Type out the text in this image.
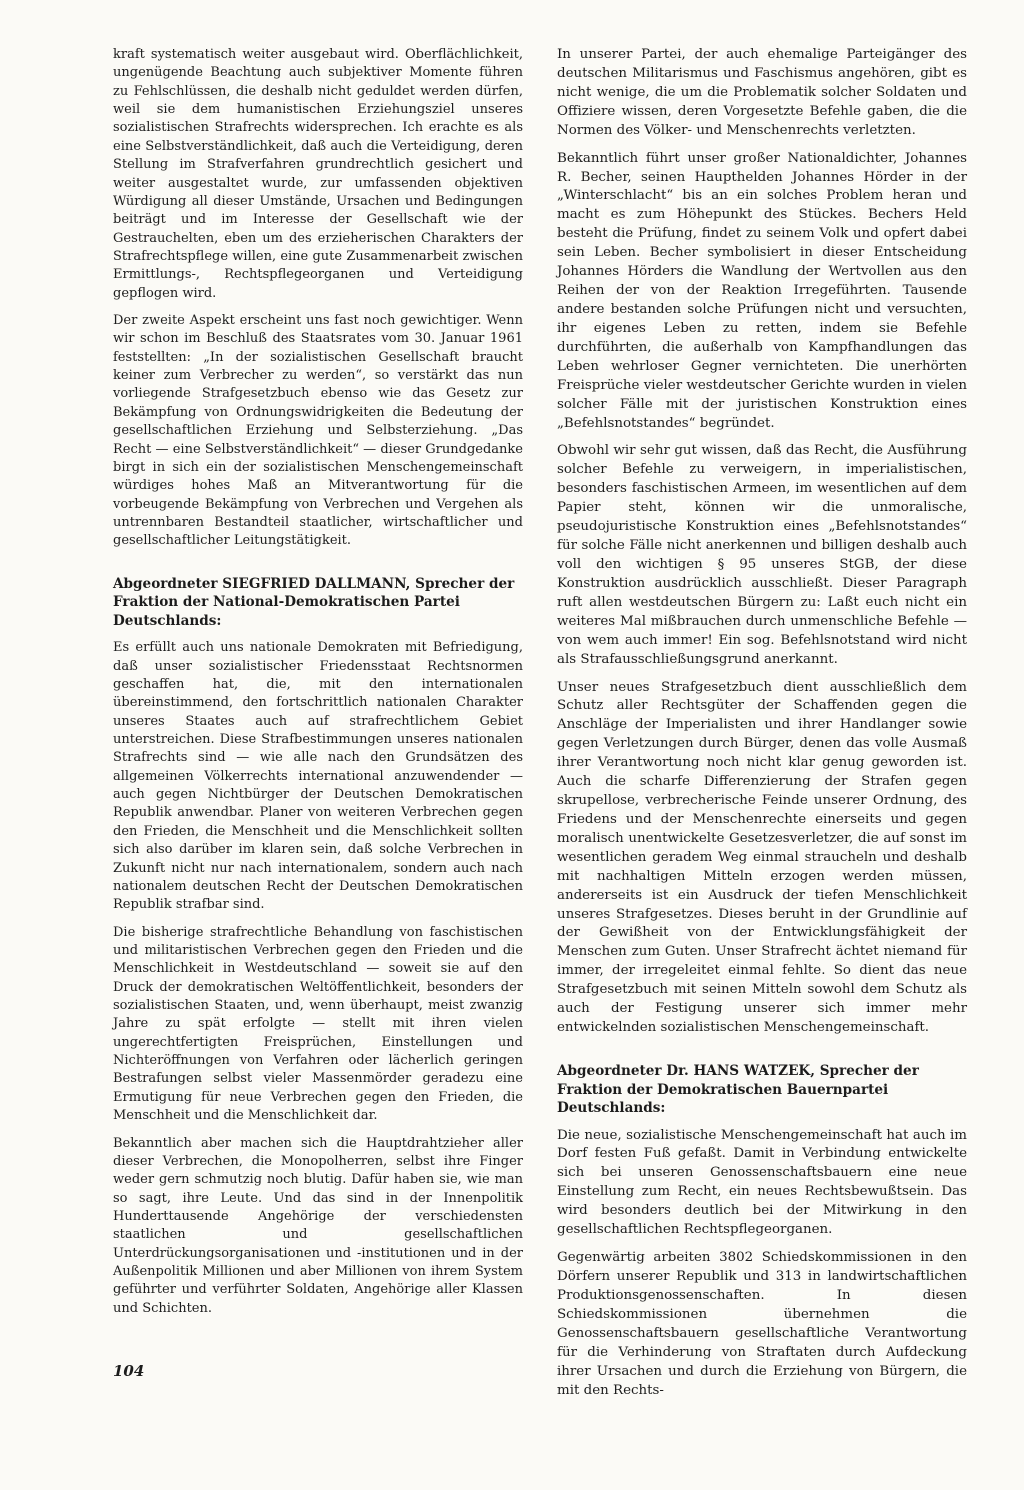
kraft systematisch weiter ausgebaut wird. Oberflächlichkeit, ungenügende Beachtung auch subjektiver Momente führen zu Fehlschlüssen, die deshalb nicht geduldet werden dürfen, weil sie dem humanistischen Erziehungsziel unseres sozialistischen Strafrechts widersprechen. Ich erachte es als eine Selbstverständlichkeit, daß auch die Verteidigung, deren Stellung im Strafverfahren grundrechtlich gesichert und weiter ausgestaltet wurde, zur umfassenden objektiven Würdigung all dieser Umstände, Ursachen und Bedingungen beiträgt und im Interesse der Gesellschaft wie der Gestrauchelten, eben um des erzieherischen Charakters der Strafrechtspflege willen, eine gute Zusammenarbeit zwischen Ermittlungs-, Rechtspflegeorganen und Verteidigung gepflogen wird.

Der zweite Aspekt erscheint uns fast noch gewichtiger. Wenn wir schon im Beschluß des Staatsrates vom 30. Januar 1961 feststellten: „In der sozialistischen Gesellschaft braucht keiner zum Verbrecher zu werden“, so verstärkt das nun vorliegende Strafgesetzbuch ebenso wie das Gesetz zur Bekämpfung von Ordnungswidrigkeiten die Bedeutung der gesellschaftlichen Erziehung und Selbsterziehung. „Das Recht — eine Selbstverständlichkeit“ — dieser Grundgedanke birgt in sich ein der sozialistischen Menschengemeinschaft würdiges hohes Maß an Mitverantwortung für die vorbeugende Bekämpfung von Verbrechen und Vergehen als untrennbaren Bestandteil staatlicher, wirtschaftlicher und gesellschaftlicher Leitungstätigkeit.

Abgeordneter SIEGFRIED DALLMANN, Sprecher der Fraktion der National-Demokratischen Partei Deutschlands:

Es erfüllt auch uns nationale Demokraten mit Befriedigung, daß unser sozialistischer Friedensstaat Rechtsnormen geschaffen hat, die, mit den internationalen übereinstimmend, den fortschrittlich nationalen Charakter unseres Staates auch auf strafrechtlichem Gebiet unterstreichen. Diese Strafbestimmungen unseres nationalen Strafrechts sind — wie alle nach den Grundsätzen des allgemeinen Völkerrechts international anzuwendender — auch gegen Nichtbürger der Deutschen Demokratischen Republik anwendbar. Planer von weiteren Verbrechen gegen den Frieden, die Menschheit und die Menschlichkeit sollten sich also darüber im klaren sein, daß solche Verbrechen in Zukunft nicht nur nach internationalem, sondern auch nach nationalem deutschen Recht der Deutschen Demokratischen Republik strafbar sind.

Die bisherige strafrechtliche Behandlung von faschistischen und militaristischen Verbrechen gegen den Frieden und die Menschlichkeit in Westdeutschland — soweit sie auf den Druck der demokratischen Weltöffentlichkeit, besonders der sozialistischen Staaten, und, wenn überhaupt, meist zwanzig Jahre zu spät erfolgte — stellt mit ihren vielen ungerechtfertigten Freisprüchen, Einstellungen und Nichteröffnungen von Verfahren oder lächerlich geringen Bestrafungen selbst vieler Massenmörder geradezu eine Ermutigung für neue Verbrechen gegen den Frieden, die Menschheit und die Menschlichkeit dar.

Bekanntlich aber machen sich die Hauptdrahtzieher aller dieser Verbrechen, die Monopolherren, selbst ihre Finger weder gern schmutzig noch blutig. Dafür haben sie, wie man so sagt, ihre Leute. Und das sind in der Innenpolitik Hunderttausende Angehörige der verschiedensten staatlichen und gesellschaftlichen Unterdrückungsorganisationen und -institutionen und in der Außenpolitik Millionen und aber Millionen von ihrem System geführter und verführter Soldaten, Angehörige aller Klassen und Schichten.

In unserer Partei, der auch ehemalige Parteigänger des deutschen Militarismus und Faschismus angehören, gibt es nicht wenige, die um die Problematik solcher Soldaten und Offiziere wissen, deren Vorgesetzte Befehle gaben, die die Normen des Völker- und Menschenrechts verletzten.

Bekanntlich führt unser großer Nationaldichter, Johannes R. Becher, seinen Haupthelden Johannes Hörder in der „Winterschlacht“ bis an ein solches Problem heran und macht es zum Höhepunkt des Stückes. Bechers Held besteht die Prüfung, findet zu seinem Volk und opfert dabei sein Leben. Becher symbolisiert in dieser Entscheidung Johannes Hörders die Wandlung der Wertvollen aus den Reihen der von der Reaktion Irregeführten. Tausende andere bestanden solche Prüfungen nicht und versuchten, ihr eigenes Leben zu retten, indem sie Befehle durchführten, die außerhalb von Kampfhandlungen das Leben wehrloser Gegner vernichteten. Die unerhörten Freisprüche vieler westdeutscher Gerichte wurden in vielen solcher Fälle mit der juristischen Konstruktion eines „Befehlsnotstandes“ begründet.

Obwohl wir sehr gut wissen, daß das Recht, die Ausführung solcher Befehle zu verweigern, in imperialistischen, besonders faschistischen Armeen, im wesentlichen auf dem Papier steht, können wir die unmoralische, pseudojuristische Konstruktion eines „Befehlsnotstandes“ für solche Fälle nicht anerkennen und billigen deshalb auch voll den wichtigen § 95 unseres StGB, der diese Konstruktion ausdrücklich ausschließt. Dieser Paragraph ruft allen westdeutschen Bürgern zu: Laßt euch nicht ein weiteres Mal mißbrauchen durch unmenschliche Befehle — von wem auch immer! Ein sog. Befehlsnotstand wird nicht als Strafausschließungsgrund anerkannt.

Unser neues Strafgesetzbuch dient ausschließlich dem Schutz aller Rechtsgüter der Schaffenden gegen die Anschläge der Imperialisten und ihrer Handlanger sowie gegen Verletzungen durch Bürger, denen das volle Ausmaß ihrer Verantwortung noch nicht klar genug geworden ist. Auch die scharfe Differenzierung der Strafen gegen skrupellose, verbrecherische Feinde unserer Ordnung, des Friedens und der Menschenrechte einerseits und gegen moralisch unentwickelte Gesetzesverletzer, die auf sonst im wesentlichen geradem Weg einmal straucheln und deshalb mit nachhaltigen Mitteln erzogen werden müssen, andererseits ist ein Ausdruck der tiefen Menschlichkeit unseres Strafgesetzes. Dieses beruht in der Grundlinie auf der Gewißheit von der Entwicklungsfähigkeit der Menschen zum Guten. Unser Strafrecht ächtet niemand für immer, der irregeleitet einmal fehlte. So dient das neue Strafgesetzbuch mit seinen Mitteln sowohl dem Schutz als auch der Festigung unserer sich immer mehr entwickelnden sozialistischen Menschengemeinschaft.

Abgeordneter Dr. HANS WATZEK, Sprecher der Fraktion der Demokratischen Bauernpartei Deutschlands:

Die neue, sozialistische Menschengemeinschaft hat auch im Dorf festen Fuß gefaßt. Damit in Verbindung entwickelte sich bei unseren Genossenschaftsbauern eine neue Einstellung zum Recht, ein neues Rechtsbewußtsein. Das wird besonders deutlich bei der Mitwirkung in den gesellschaftlichen Rechtspflegeorganen.

Gegenwärtig arbeiten 3802 Schiedskommissionen in den Dörfern unserer Republik und 313 in landwirtschaftlichen Produktionsgenossenschaften. In diesen Schiedskommissionen übernehmen die Genossenschaftsbauern gesellschaftliche Verantwortung für die Verhinderung von Straftaten durch Aufdeckung ihrer Ursachen und durch die Erziehung von Bürgern, die mit den Rechts-

104
